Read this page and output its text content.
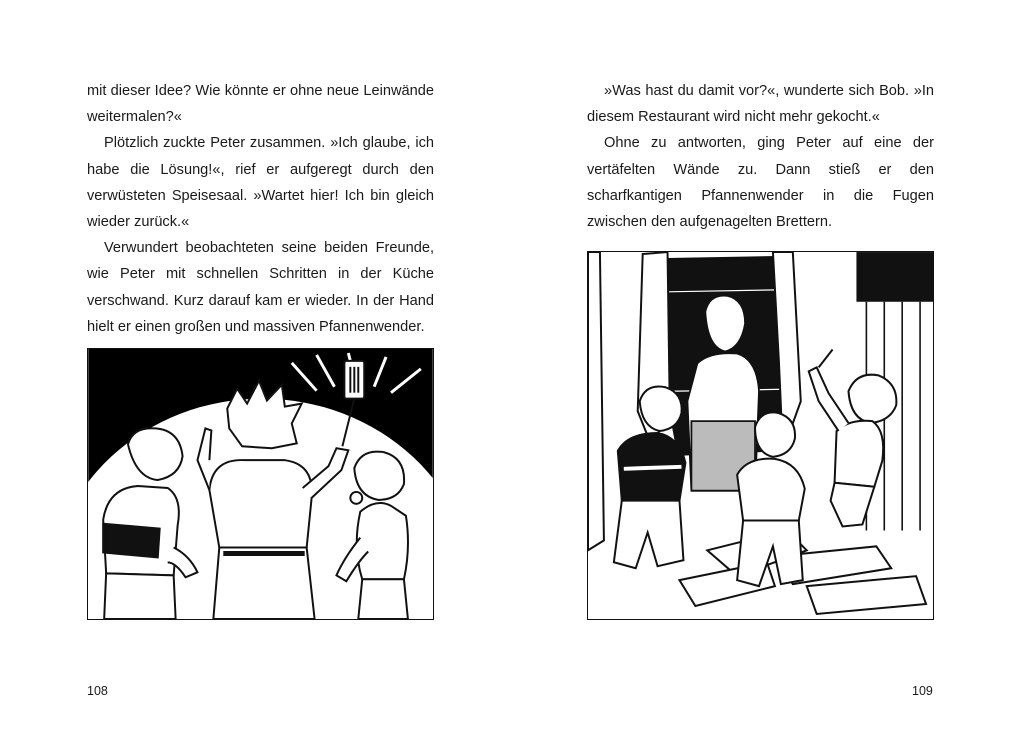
mit dieser Idee? Wie könnte er ohne neue Leinwände weitermalen?«

Plötzlich zuckte Peter zusammen. »Ich glaube, ich habe die Lösung!«, rief er aufgeregt durch den verwüsteten Speisesaal. »Wartet hier! Ich bin gleich wieder zurück.«

Verwundert beobachteten seine beiden Freunde, wie Peter mit schnellen Schritten in der Küche verschwand. Kurz darauf kam er wieder. In der Hand hielt er einen großen und massiven Pfannenwender.

108

»Was hast du damit vor?«, wunderte sich Bob. »In diesem Restaurant wird nicht mehr gekocht.«

Ohne zu antworten, ging Peter auf eine der vertäfelten Wände zu. Dann stieß er den scharfkantigen Pfannenwender in die Fugen zwischen den aufgenagelten Brettern.

109
